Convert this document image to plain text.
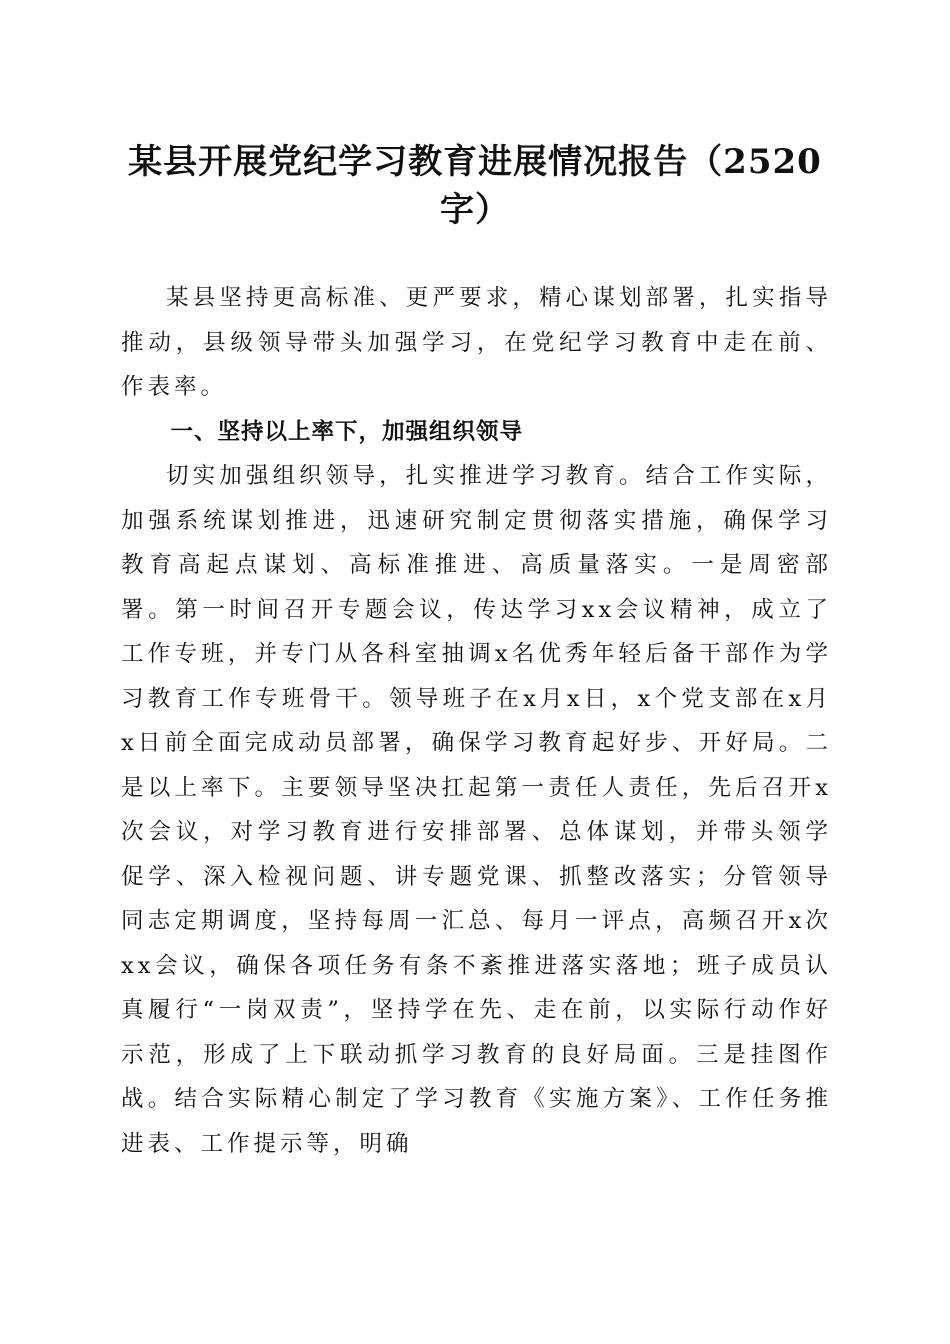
某县开展党纪学习教育进展情况报告（2520字）

某县坚持更高标准、更严要求，精心谋划部署，扎实指导推动，县级领导带头加强学习，在党纪学习教育中走在前、作表率。

一、坚持以上率下，加强组织领导

切实加强组织领导，扎实推进学习教育。结合工作实际，加强系统谋划推进，迅速研究制定贯彻落实措施，确保学习教育高起点谋划、高标准推进、高质量落实。一是周密部署。第一时间召开专题会议，传达学习xx会议精神，成立了工作专班，并专门从各科室抽调x名优秀年轻后备干部作为学习教育工作专班骨干。领导班子在x月x日，x个党支部在x月x日前全面完成动员部署，确保学习教育起好步、开好局。二是以上率下。主要领导坚决扛起第一责任人责任，先后召开x次会议，对学习教育进行安排部署、总体谋划，并带头领学促学、深入检视问题、讲专题党课、抓整改落实；分管领导同志定期调度，坚持每周一汇总、每月一评点，高频召开x次xx会议，确保各项任务有条不紊推进落实落地；班子成员认真履行“一岗双责”，坚持学在先、走在前，以实际行动作好示范，形成了上下联动抓学习教育的良好局面。三是挂图作战。结合实际精心制定了学习教育《实施方案》、工作任务推进表、工作提示等，明确
